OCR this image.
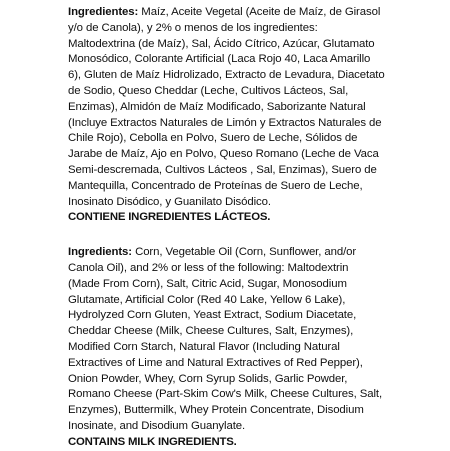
Ingredientes: Maíz, Aceite Vegetal (Aceite de Maíz, de Girasol
y/o de Canola), y 2% o menos de los ingredientes:
Maltodextrina (de Maíz), Sal, Ácido Cítrico, Azúcar, Glutamato
Monosódico, Colorante Artificial (Laca Rojo 40, Laca Amarillo
6), Gluten de Maíz Hidrolizado, Extracto de Levadura, Diacetato
de Sodio, Queso Cheddar (Leche, Cultivos Lácteos, Sal,
Enzimas), Almidón de Maíz Modificado, Saborizante Natural
(Incluye Extractos Naturales de Limón y Extractos Naturales de
Chile Rojo), Cebolla en Polvo, Suero de Leche, Sólidos de
Jarabe de Maíz, Ajo en Polvo, Queso Romano (Leche de Vaca
Semi-descremada, Cultivos Lácteos , Sal, Enzimas), Suero de
Mantequilla, Concentrado de Proteínas de Suero de Leche,
Inosinato Disódico, y Guanilato Disódico.
CONTIENE INGREDIENTES LÁCTEOS.
Ingredients: Corn, Vegetable Oil (Corn, Sunflower, and/or
Canola Oil), and 2% or less of the following: Maltodextrin
(Made From Corn), Salt, Citric Acid, Sugar, Monosodium
Glutamate, Artificial Color (Red 40 Lake, Yellow 6 Lake),
Hydrolyzed Corn Gluten, Yeast Extract, Sodium Diacetate,
Cheddar Cheese (Milk, Cheese Cultures, Salt, Enzymes),
Modified Corn Starch, Natural Flavor (Including Natural
Extractives of Lime and Natural Extractives of Red Pepper),
Onion Powder, Whey, Corn Syrup Solids, Garlic Powder,
Romano Cheese (Part-Skim Cow's Milk, Cheese Cultures, Salt,
Enzymes), Buttermilk, Whey Protein Concentrate, Disodium
Inosinate, and Disodium Guanylate.
CONTAINS MILK INGREDIENTS.
